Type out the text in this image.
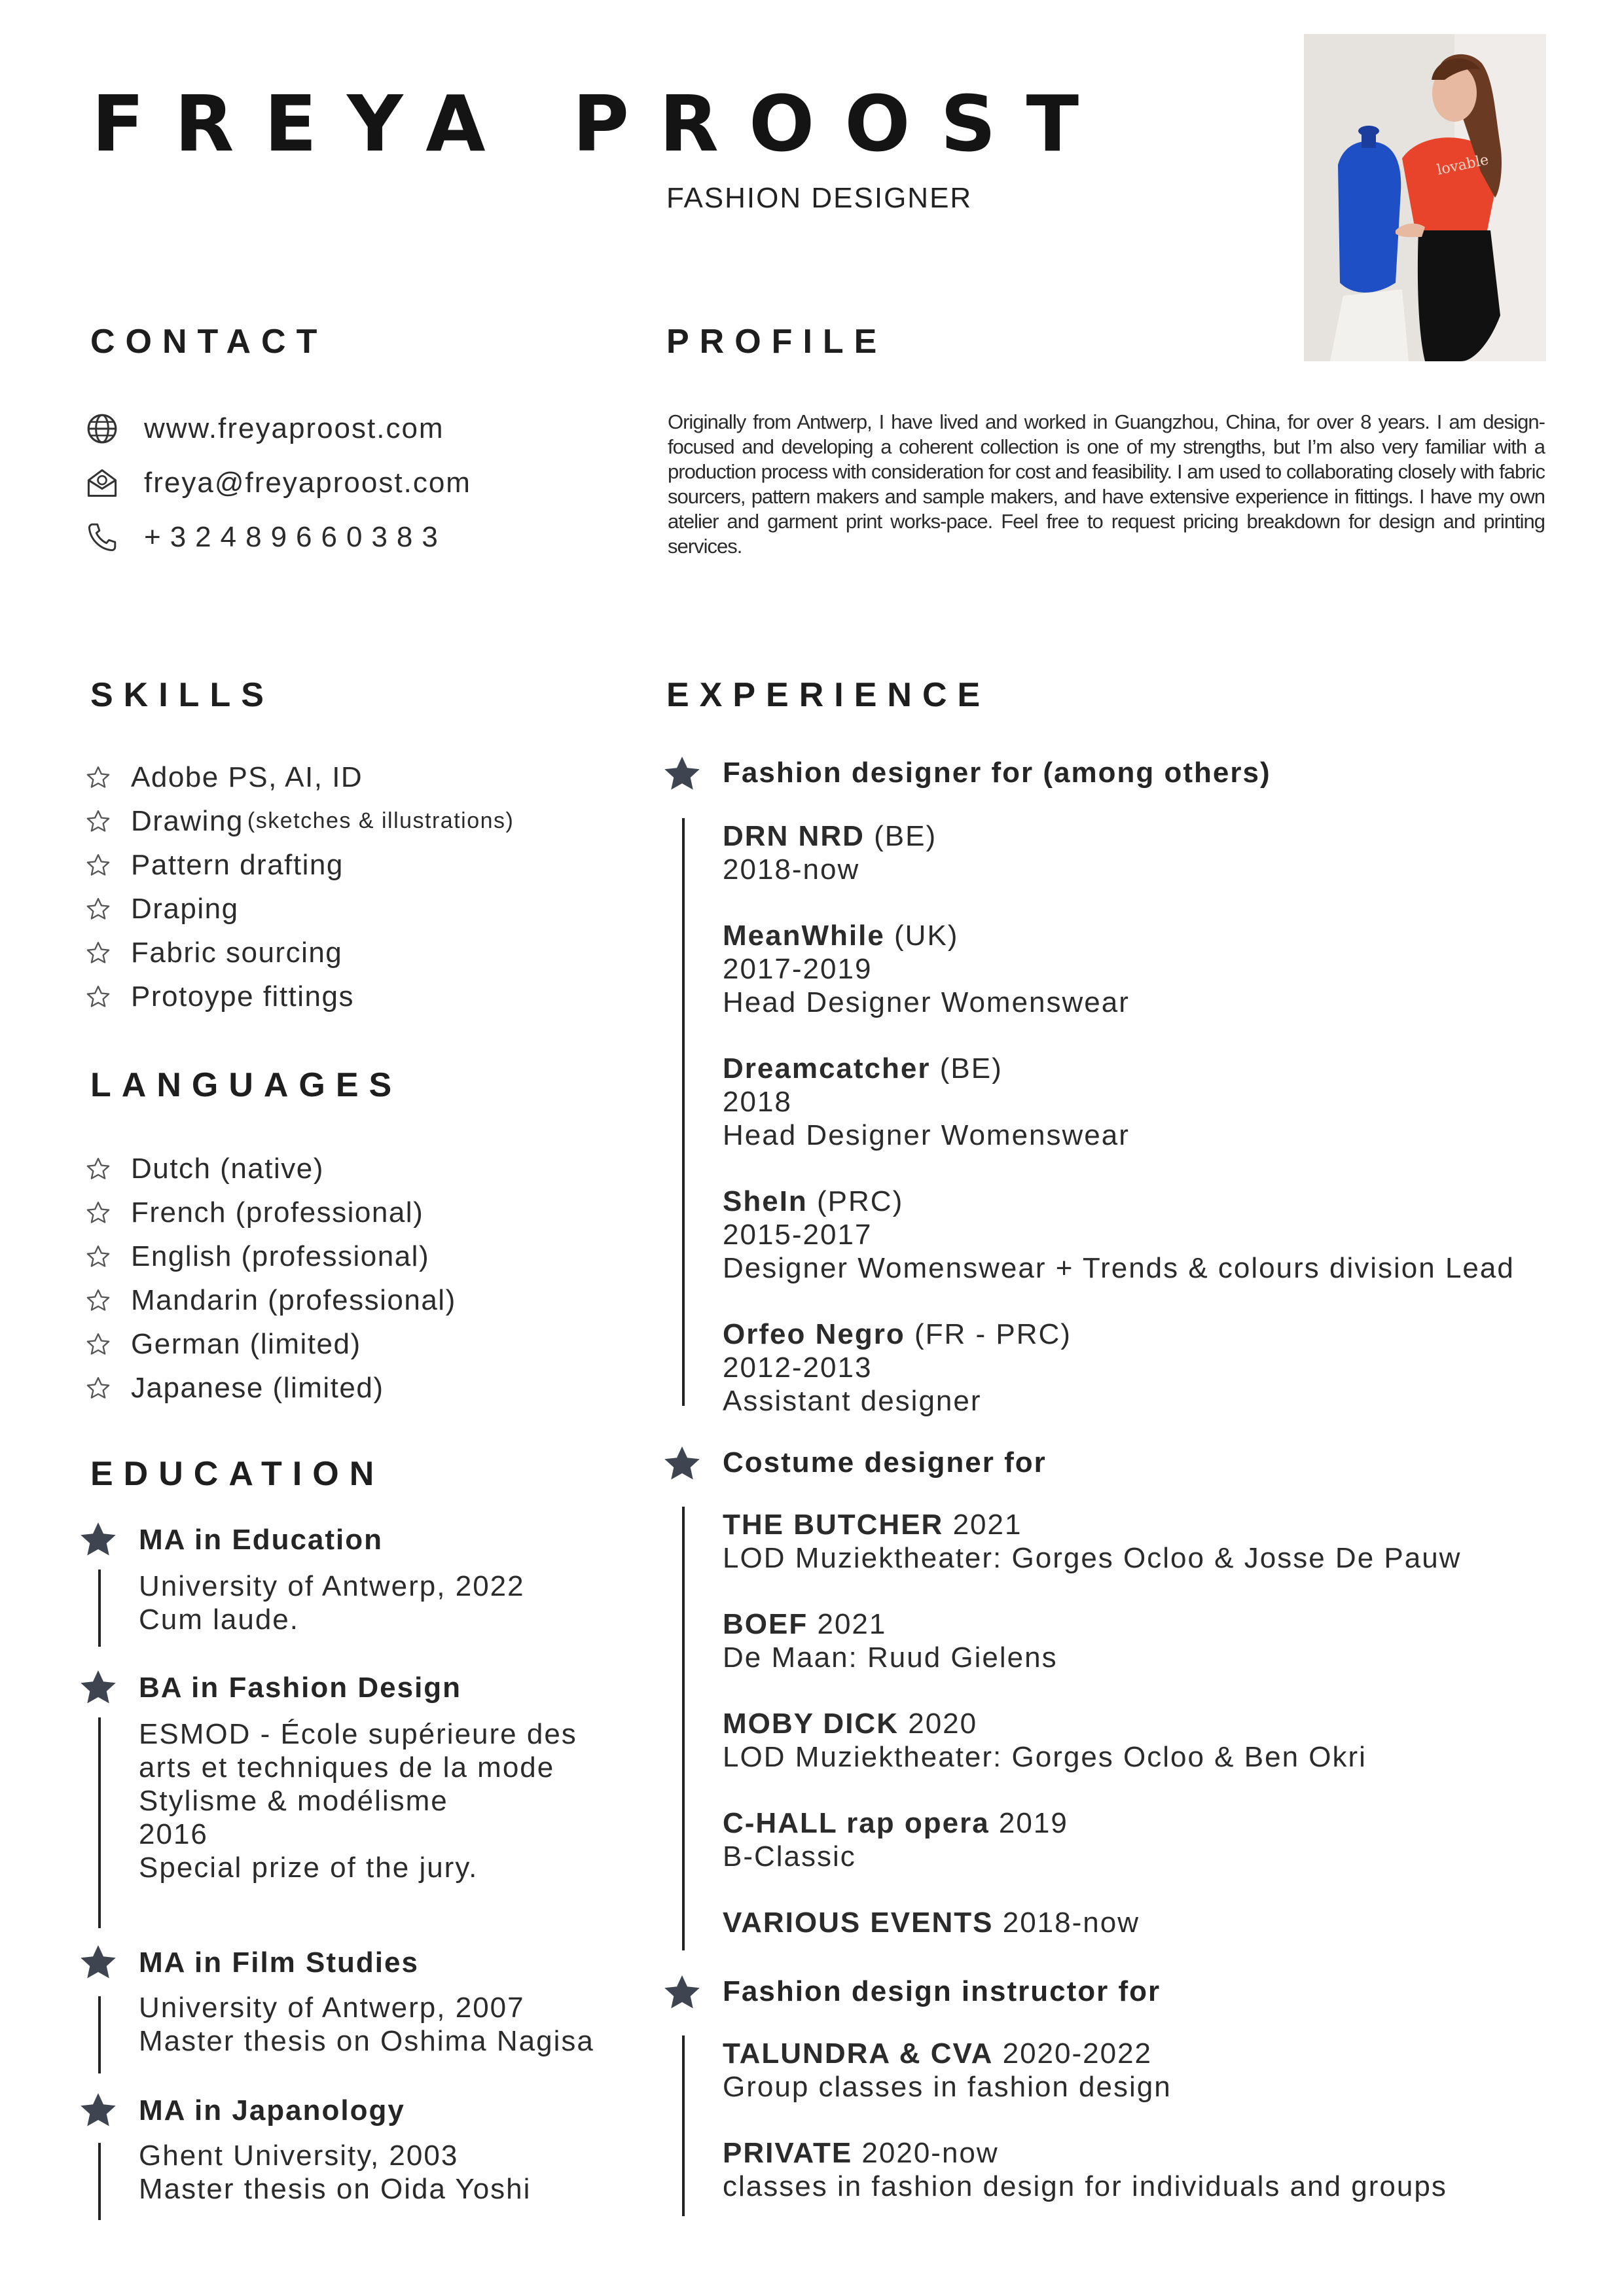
FREYA PROOST
FASHION DESIGNER
lovable
CONTACT
www.freyaproost.com
freya@freyaproost.com
+32489660383
PROFILE
Originally from Antwerp, I have lived and worked in Guangzhou, China, for over 8 years. I am design-focused and developing a coherent collection is one of my strengths, but I’m also very familiar with a production process with consideration for cost and feasibility. I am used to collaborating closely with fabric sourcers, pattern makers and sample makers, and have extensive experience in fittings. I have my own atelier and garment print works-pace. Feel free to request pricing breakdown for design and printing services.
SKILLS
Adobe PS, AI, ID
Drawing (sketches & illustrations)
Pattern drafting
Draping
Fabric sourcing
Protoype fittings
LANGUAGES
Dutch (native)
French (professional)
English (professional)
Mandarin (professional)
German (limited)
Japanese (limited)
EDUCATION
MA in Education
University of Antwerp, 2022
Cum laude.
BA in Fashion Design
ESMOD - École supérieure des
arts et techniques de la mode
Stylisme & modélisme
2016
Special prize of the jury.
MA in Film Studies
University of Antwerp, 2007
Master thesis on Oshima Nagisa
MA in Japanology
Ghent University, 2003
Master thesis on Oida Yoshi
EXPERIENCE
Fashion designer for (among others)
DRN NRD (BE)
2018-now
MeanWhile (UK)
2017-2019
Head Designer Womenswear
Dreamcatcher (BE)
2018
Head Designer Womenswear
SheIn (PRC)
2015-2017
Designer Womenswear + Trends & colours division Lead
Orfeo Negro (FR - PRC)
2012-2013
Assistant designer
Costume designer for
THE BUTCHER 2021
LOD Muziektheater: Gorges Ocloo & Josse De Pauw
BOEF 2021
De Maan: Ruud Gielens
MOBY DICK 2020
LOD Muziektheater: Gorges Ocloo & Ben Okri
C-HALL rap opera 2019
B-Classic
VARIOUS EVENTS 2018-now
Fashion design instructor for
TALUNDRA & CVA 2020-2022
Group classes in fashion design
PRIVATE 2020-now
classes in fashion design for individuals and groups
